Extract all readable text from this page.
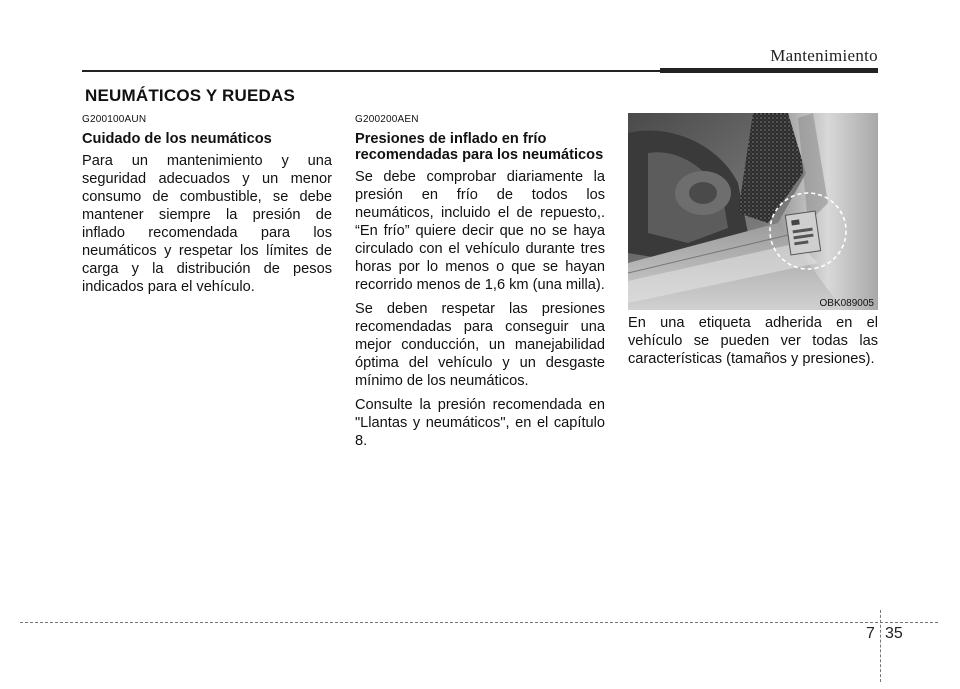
Mantenimiento
NEUMÁTICOS Y RUEDAS
G200100AUN
Cuidado de los neumáticos

Para un mantenimiento y una seguridad adecuados y un menor consumo de combustible, se debe mantener siempre la presión de inflado recomendada para los neumáticos y respetar los límites de carga y la distribución de pesos indicados para el vehículo.

G200200AEN
Presiones de inflado en frío recomendadas para los neumáticos

Se debe comprobar diariamente la presión en frío de todos los neumáticos, incluido el de repuesto,. “En frío” quiere decir que no se haya circulado con el vehículo durante tres horas por lo menos o que se hayan recorrido menos de 1,6 km (una milla).

Se deben respetar las presiones recomendadas para conseguir una mejor conducción, un manejabilidad óptima del vehículo y un desgaste mínimo de los neumáticos.

Consulte la presión recomendada en "Llantas y neumáticos", en el capítulo 8.

OBK089005

En una etiqueta adherida en el vehículo se pueden ver todas las características (tamaños y presiones).

7 35
